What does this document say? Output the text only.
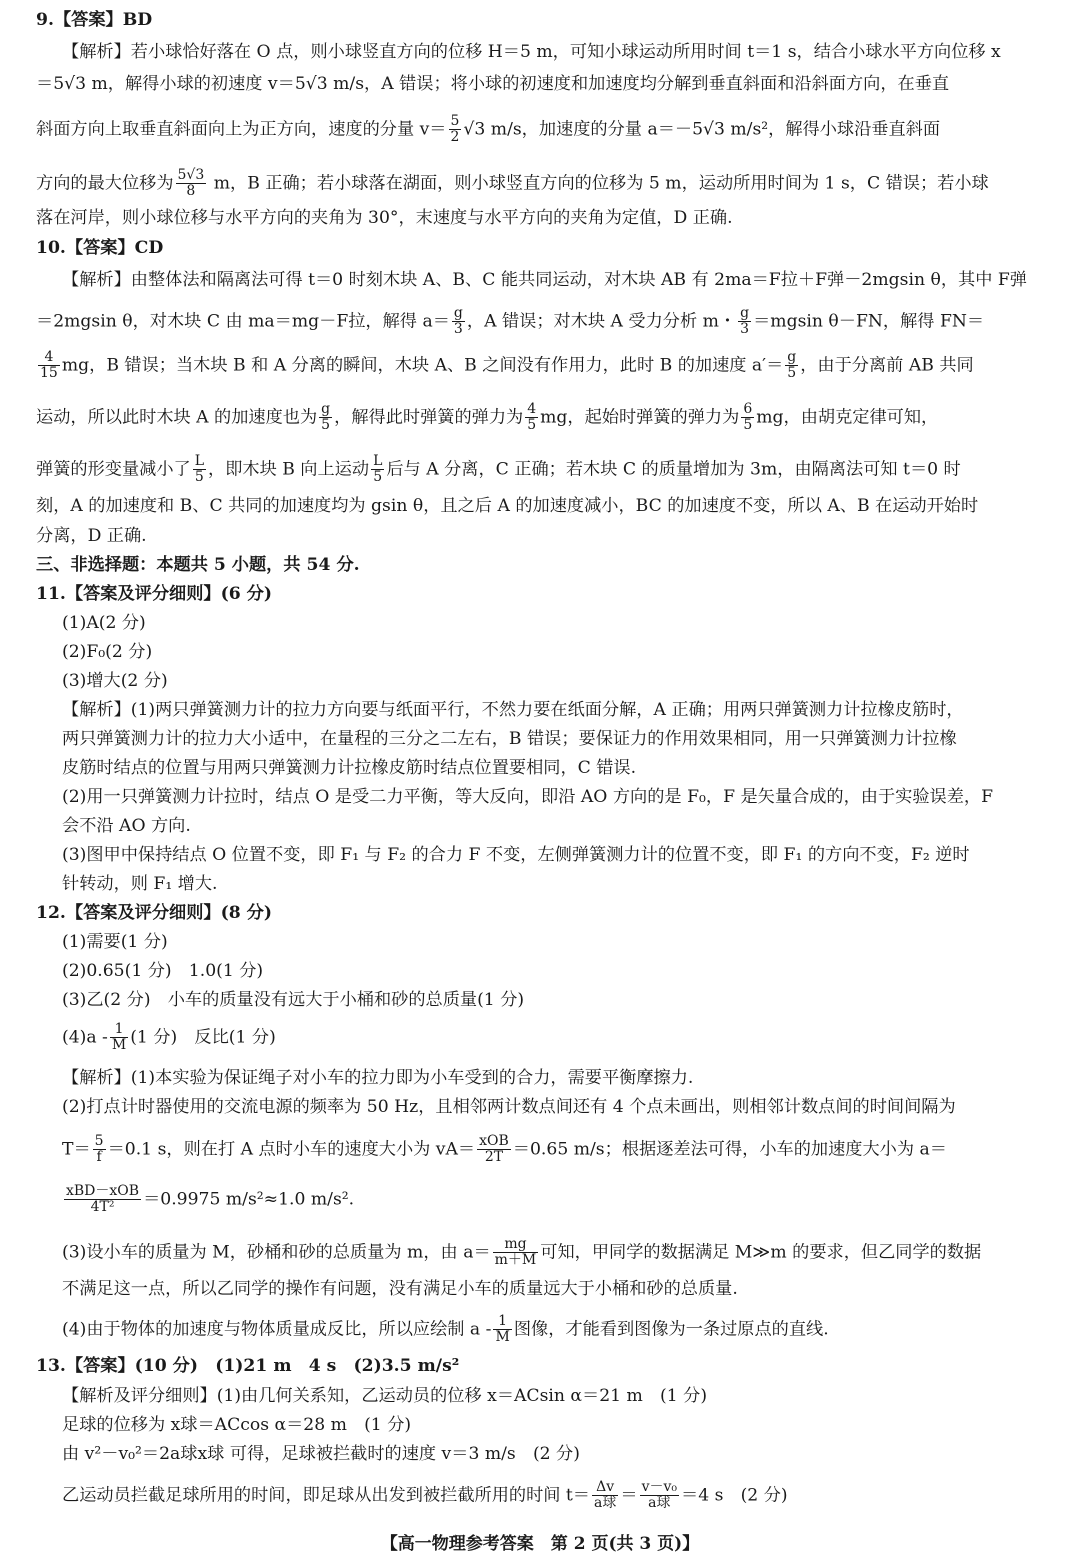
9.【答案】BD
【解析】若小球恰好落在 O 点，则小球竖直方向的位移 H＝5 m，可知小球运动所用时间 t＝1 s，结合小球水平方向位移 x
＝5√3 m，解得小球的初速度 v＝5√3 m/s，A 错误；将小球的初速度和加速度均分解到垂直斜面和沿斜面方向，在垂直
斜面方向上取垂直斜面向上为正方向，速度的分量 $v= \frac{5}{2} √3$ m/s，加速度的分量 a＝－5√3 m/s²，解得小球沿垂直斜面
方向的最大位移为 $\frac{5√3}{8}$ m，B 正确；若小球落在湖面，则小球竖直方向的位移为 5 m，运动所用时间为 1 s，C 错误；若小球
落在河岸，则小球位移与水平方向的夹角为 30°，末速度与水平方向的夹角为定值，D 正确.
10.【答案】CD
【解析】由整体法和隔离法可得 t＝0 时刻木块 A、B、C 能共同运动，对木块 AB 有 2ma＝F拉＋F弹－2mgsin θ，其中 F弹
＝2mgsin θ，对木块 C 由 ma＝mg－F拉，解得 $a= \frac{g}{3}$ ，A 错误；对木块 A 受力分析 m・ $\frac{g}{3} =mgsin$ θ－FN，解得 FN＝
$\frac{4}{15}$ mg，B 错误；当木块 B 和 A 分离的瞬间，木块 A、B 之间没有作用力，此时 B 的加速度 $a'= \frac{g}{5}$ ，由于分离前 AB 共同
运动，所以此时木块 A 的加速度也为 $\frac{g}{5}$ ，解得此时弹簧的弹力为 $\frac{4}{5}$ mg，起始时弹簧的弹力为 $\frac{6}{5}$ mg，由胡克定律可知，
弹簧的形变量减小了 $\frac{L}{5}$ ，即木块 B 向上运动 $\frac{L}{5}$ 后与 A 分离，C 正确；若木块 C 的质量增加为 3m，由隔离法可知 t＝0 时
刻，A 的加速度和 B、C 共同的加速度均为 gsin θ，且之后 A 的加速度减小，BC 的加速度不变，所以 A、B 在运动开始时
分离，D 正确.
三、非选择题：本题共 5 小题，共 54 分.
11.【答案及评分细则】(6 分)
(1)A(2 分)
(2)F₀(2 分)
(3)增大(2 分)
【解析】(1)两只弹簧测力计的拉力方向要与纸面平行，不然力要在纸面分解，A 正确；用两只弹簧测力计拉橡皮筋时，
两只弹簧测力计的拉力大小适中，在量程的三分之二左右，B 错误；要保证力的作用效果相同，用一只弹簧测力计拉橡
皮筋时结点的位置与用两只弹簧测力计拉橡皮筋时结点位置要相同，C 错误.
(2)用一只弹簧测力计拉时，结点 O 是受二力平衡，等大反向，即沿 AO 方向的是 F₀，F 是矢量合成的，由于实验误差，F
会不沿 AO 方向.
(3)图甲中保持结点 O 位置不变，即 F₁ 与 F₂ 的合力 F 不变，左侧弹簧测力计的位置不变，即 F₁ 的方向不变，F₂ 逆时
针转动，则 F₁ 增大.
12.【答案及评分细则】(8 分)
(1)需要(1 分)
(2)0.65(1 分)　1.0(1 分)
(3)乙(2 分)　小车的质量没有远大于小桶和砂的总质量(1 分)
$(4)a - \frac{1}{M} (1$ 分)　反比(1 分)
【解析】(1)本实验为保证绳子对小车的拉力即为小车受到的合力，需要平衡摩擦力.
(2)打点计时器使用的交流电源的频率为 50 Hz，且相邻两计数点间还有 4 个点未画出，则相邻计数点间的时间间隔为
$T= \frac{5}{f} =0.1$ s，则在打 A 点时小车的速度大小为 $vA= \frac{\text{xOB}}{2T} =0.65$ m/s；根据逐差法可得，小车的加速度大小为 a＝
$\frac{\text{xBD－xOB}}{\text{4T²}} =0.9975$ m/s²≈1.0 m/s².
(3)设小车的质量为 M，砂桶和砂的总质量为 m，由 $a= \frac{mg}{m+M}$ 可知，甲同学的数据满足 M≫m 的要求，但乙同学的数据
不满足这一点，所以乙同学的操作有问题，没有满足小车的质量远大于小桶和砂的总质量.
(4)由于物体的加速度与物体质量成反比，所以应绘制 a - $\frac{1}{M}$ 图像，才能看到图像为一条过原点的直线.
13.【答案】(10 分)　(1)21 m　4 s　(2)3.5 m/s²
【解析及评分细则】(1)由几何关系知，乙运动员的位移 x＝ACsin α＝21 m　(1 分)
足球的位移为 x球＝ACcos α＝28 m　(1 分)
由 v²－v₀²＝2a球x球 可得，足球被拦截时的速度 v＝3 m/s　(2 分)
乙运动员拦截足球所用的时间，即足球从出发到被拦截所用的时间 $t= \frac{\Delta v}{\text{a球}} = \frac{\text{v－v₀}}{\text{a球}} =4$ s　(2 分)
【高一物理参考答案　第 2 页(共 3 页)】
